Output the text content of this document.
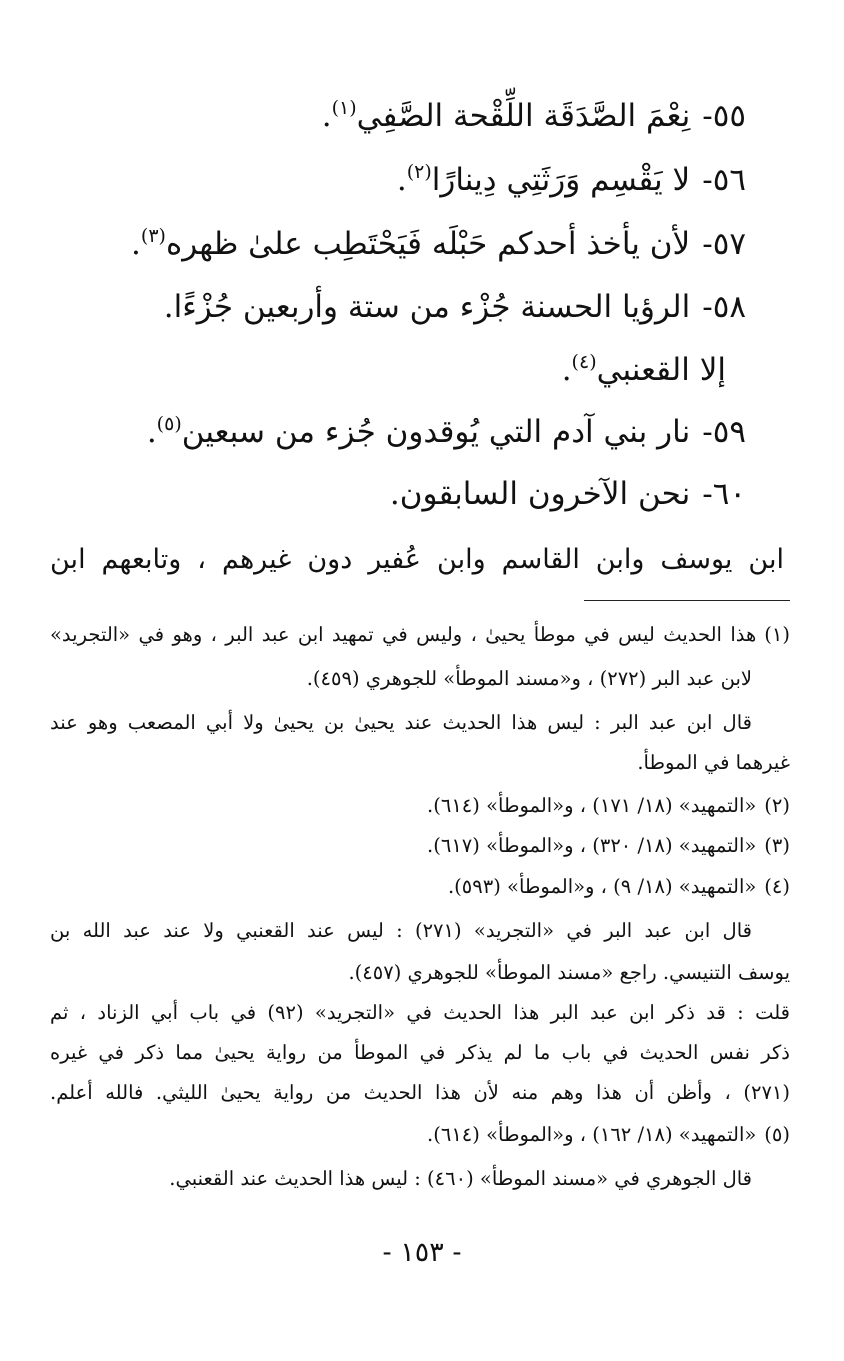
٥٥-نِعْمَ الصَّدَقَة اللِّقْحة الصَّفِي$^{(١)}$.
٥٦-لا يَقْسِم وَرَثَتِي دِينارًا$^{(٢)}$.
٥٧-لأن يأخذ أحدكم حَبْلَه فَيَحْتَطِب علىٰ ظهره$^{(٣)}$.
٥٨-الرؤيا الحسنة جُزْء من ستة وأربعين جُزْءًا.
إلا القعنبي$^{(٤)}$.
٥٩-نار بني آدم التي يُوقدون جُزء من سبعين$^{(٥)}$.
٦٠-نحن الآخرون السابقون.
ابن يوسف وابن القاسم وابن عُفير دون غيرهم ، وتابعهم ابن
(١)هذا الحديث ليس في موطأ يحيىٰ ، وليس في تمهيد ابن عبد البر ، وهو في «التجريد»
لابن عبد البر (٢٧٢) ، و«مسند الموطأ» للجوهري (٤٥٩).
قال ابن عبد البر : ليس هذا الحديث عند يحيىٰ بن يحيىٰ ولا أبي المصعب وهو عند
غيرهما في الموطأ.
(٢)«التمهيد» (١٨/ ١٧١) ، و«الموطأ» (٦١٤).
(٣)«التمهيد» (١٨/ ٣٢٠) ، و«الموطأ» (٦١٧).
(٤)«التمهيد» (١٨/ ٩) ، و«الموطأ» (٥٩٣).
قال ابن عبد البر في «التجريد» (٢٧١) : ليس عند القعنبي ولا عند عبد الله بن
يوسف التنيسي. راجع «مسند الموطأ» للجوهري (٤٥٧).
قلت : قد ذكر ابن عبد البر هذا الحديث في «التجريد» (٩٢) في باب أبي الزناد ، ثم
ذكر نفس الحديث في باب ما لم يذكر في الموطأ من رواية يحيىٰ مما ذكر في غيره
(٢٧١) ، وأظن أن هذا وهم منه لأن هذا الحديث من رواية يحيىٰ الليثي. فالله أعلم.
(٥)«التمهيد» (١٨/ ١٦٢) ، و«الموطأ» (٦١٤).
قال الجوهري في «مسند الموطأ» (٤٦٠) : ليس هذا الحديث عند القعنبي.
- ١٥٣ -
